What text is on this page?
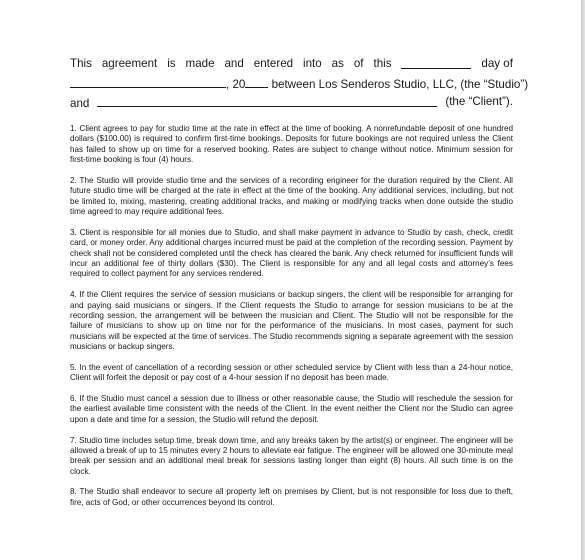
This agreement is made and entered into as of this	day of
, 20 between Los Senderos Studio, LLC, (the “Studio”)
and	(the “Client”).

1. Client agrees to pay for studio time at the rate in effect at the time of booking. A nonrefundable deposit of one hundred dollars ($100.00) is required to confirm first-time bookings. Deposits for future bookings are not required unless the Client has failed to show up on time for a reserved booking. Rates are subject to change without notice. Minimum session for first-time booking is four (4) hours.

2. The Studio will provide studio time and the services of a recording engineer for the duration required by the Client. All future studio time will be charged at the rate in effect at the time of the booking. Any additional services, including, but not be limited to, mixing, mastering, creating additional tracks, and making or modifying tracks when done outside the studio time agreed to may require additional fees.

3. Client is responsible for all monies due to Studio, and shall make payment in advance to Studio by cash, check, credit card, or money order. Any additional charges incurred must be paid at the completion of the recording session. Payment by check shall not be considered completed until the check has cleared the bank. Any check returned for insufficient funds will incur an additional fee of thirty dollars ($30). The Client is responsible for any and all legal costs and attorney’s fees required to collect payment for any services rendered.

4. If the Client requires the service of session musicians or backup singers, the client will be responsible for arranging for and paying said musicians or singers. If the Client requests the Studio to arrange for session musicians to be at the recording session, the arrangement will be between the musician and Client. The Studio will not be responsible for the failure of musicians to show up on time nor for the performance of the musicians. In most cases, payment for such musicians will be expected at the time of services. The Studio recommends signing a separate agreement with the session musicians or backup singers.

5. In the event of cancellation of a recording session or other scheduled service by Client with less than a 24-hour notice, Client will forfeit the deposit or pay cost of a 4-hour session if no deposit has been made.

6. If the Studio must cancel a session due to illness or other reasonable cause, the Studio will reschedule the session for the earliest available time consistent with the needs of the Client. In the event neither the Client nor the Studio can agree upon a date and time for a session, the Studio will refund the deposit.

7. Studio time includes setup time, break down time, and any breaks taken by the artist(s) or engineer. The engineer will be allowed a break of up to 15 minutes every 2 hours to alleviate ear fatigue. The engineer will be allowed one 30-minute meal break per session and an additional meal break for sessions lasting longer than eight (8) hours. All such time is on the clock.

8. The Studio shall endeavor to secure all property left on premises by Client, but is not responsible for loss due to theft, fire, acts of God, or other occurrences beyond its control.
